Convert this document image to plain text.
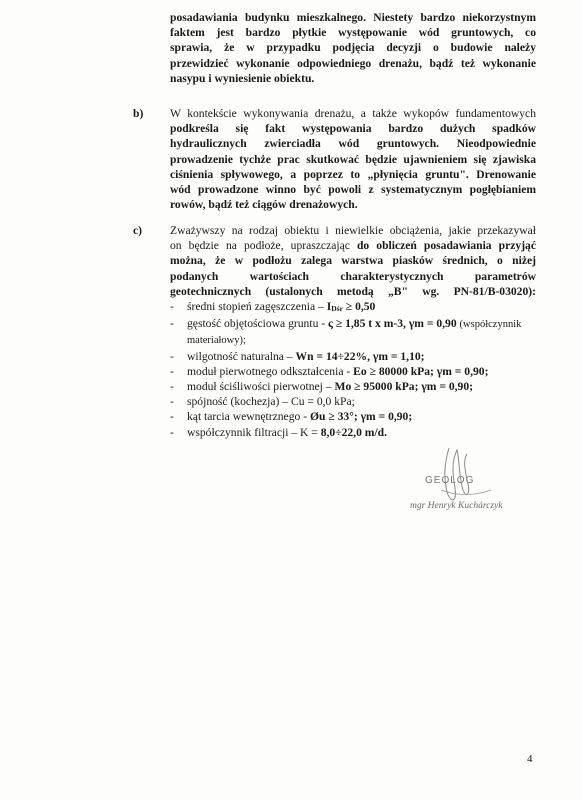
posadawiania budynku mieszkalnego. Niestety bardzo niekorzystnym
faktem jest bardzo płytkie występowanie wód gruntowych, co
sprawia, że w przypadku podjęcia decyzji o budowie należy
przewidzieć wykonanie odpowiedniego drenażu, bądź też wykonanie
nasypu i wyniesienie obiektu.
b) W kontekście wykonywania drenażu, a także wykopów fundamentowych
podkreśla się fakt występowania bardzo dużych spadków
hydraulicznych zwierciadła wód gruntowych. Nieodpowiednie
prowadzenie tychże prac skutkować będzie ujawnieniem się zjawiska
ciśnienia spływowego, a poprzez to „płynięcia gruntu". Drenowanie
wód prowadzone winno być powoli z systematycznym pogłębianiem
rowów, bądź też ciągów drenażowych.
c) Zważywszy na rodzaj obiektu i niewielkie obciążenia, jakie przekazywał
on będzie na podłoże, upraszczając do obliczeń posadawiania przyjąć
można, że w podłożu zalega warstwa piasków średnich, o niżej
podanych wartościach charakterystycznych parametrów
geotechnicznych (ustalonych metodą „B" wg. PN-81/B-03020):
- średni stopień zagęszczenia – IDśr ≥ 0,50
- gęstość objętościowa gruntu - ς ≥ 1,85 t x m-3, γm = 0,90 (współczynnik
materiałowy);
- wilgotność naturalna – Wn = 14÷22%, γm = 1,10;
- moduł pierwotnego odkształcenia - Eo ≥ 80000 kPa; γm = 0,90;
- moduł ściśliwości pierwotnej – Mo ≥ 95000 kPa; γm = 0,90;
- spójność (kochezja) – Cu = 0,0 kPa;
- kąt tarcia wewnętrznego - Øu ≥ 33°; γm = 0,90;
- współczynnik filtracji – K = 8,0÷22,0 m/d.
GEOLOG
mgr Henryk Kuchárczyk
4
